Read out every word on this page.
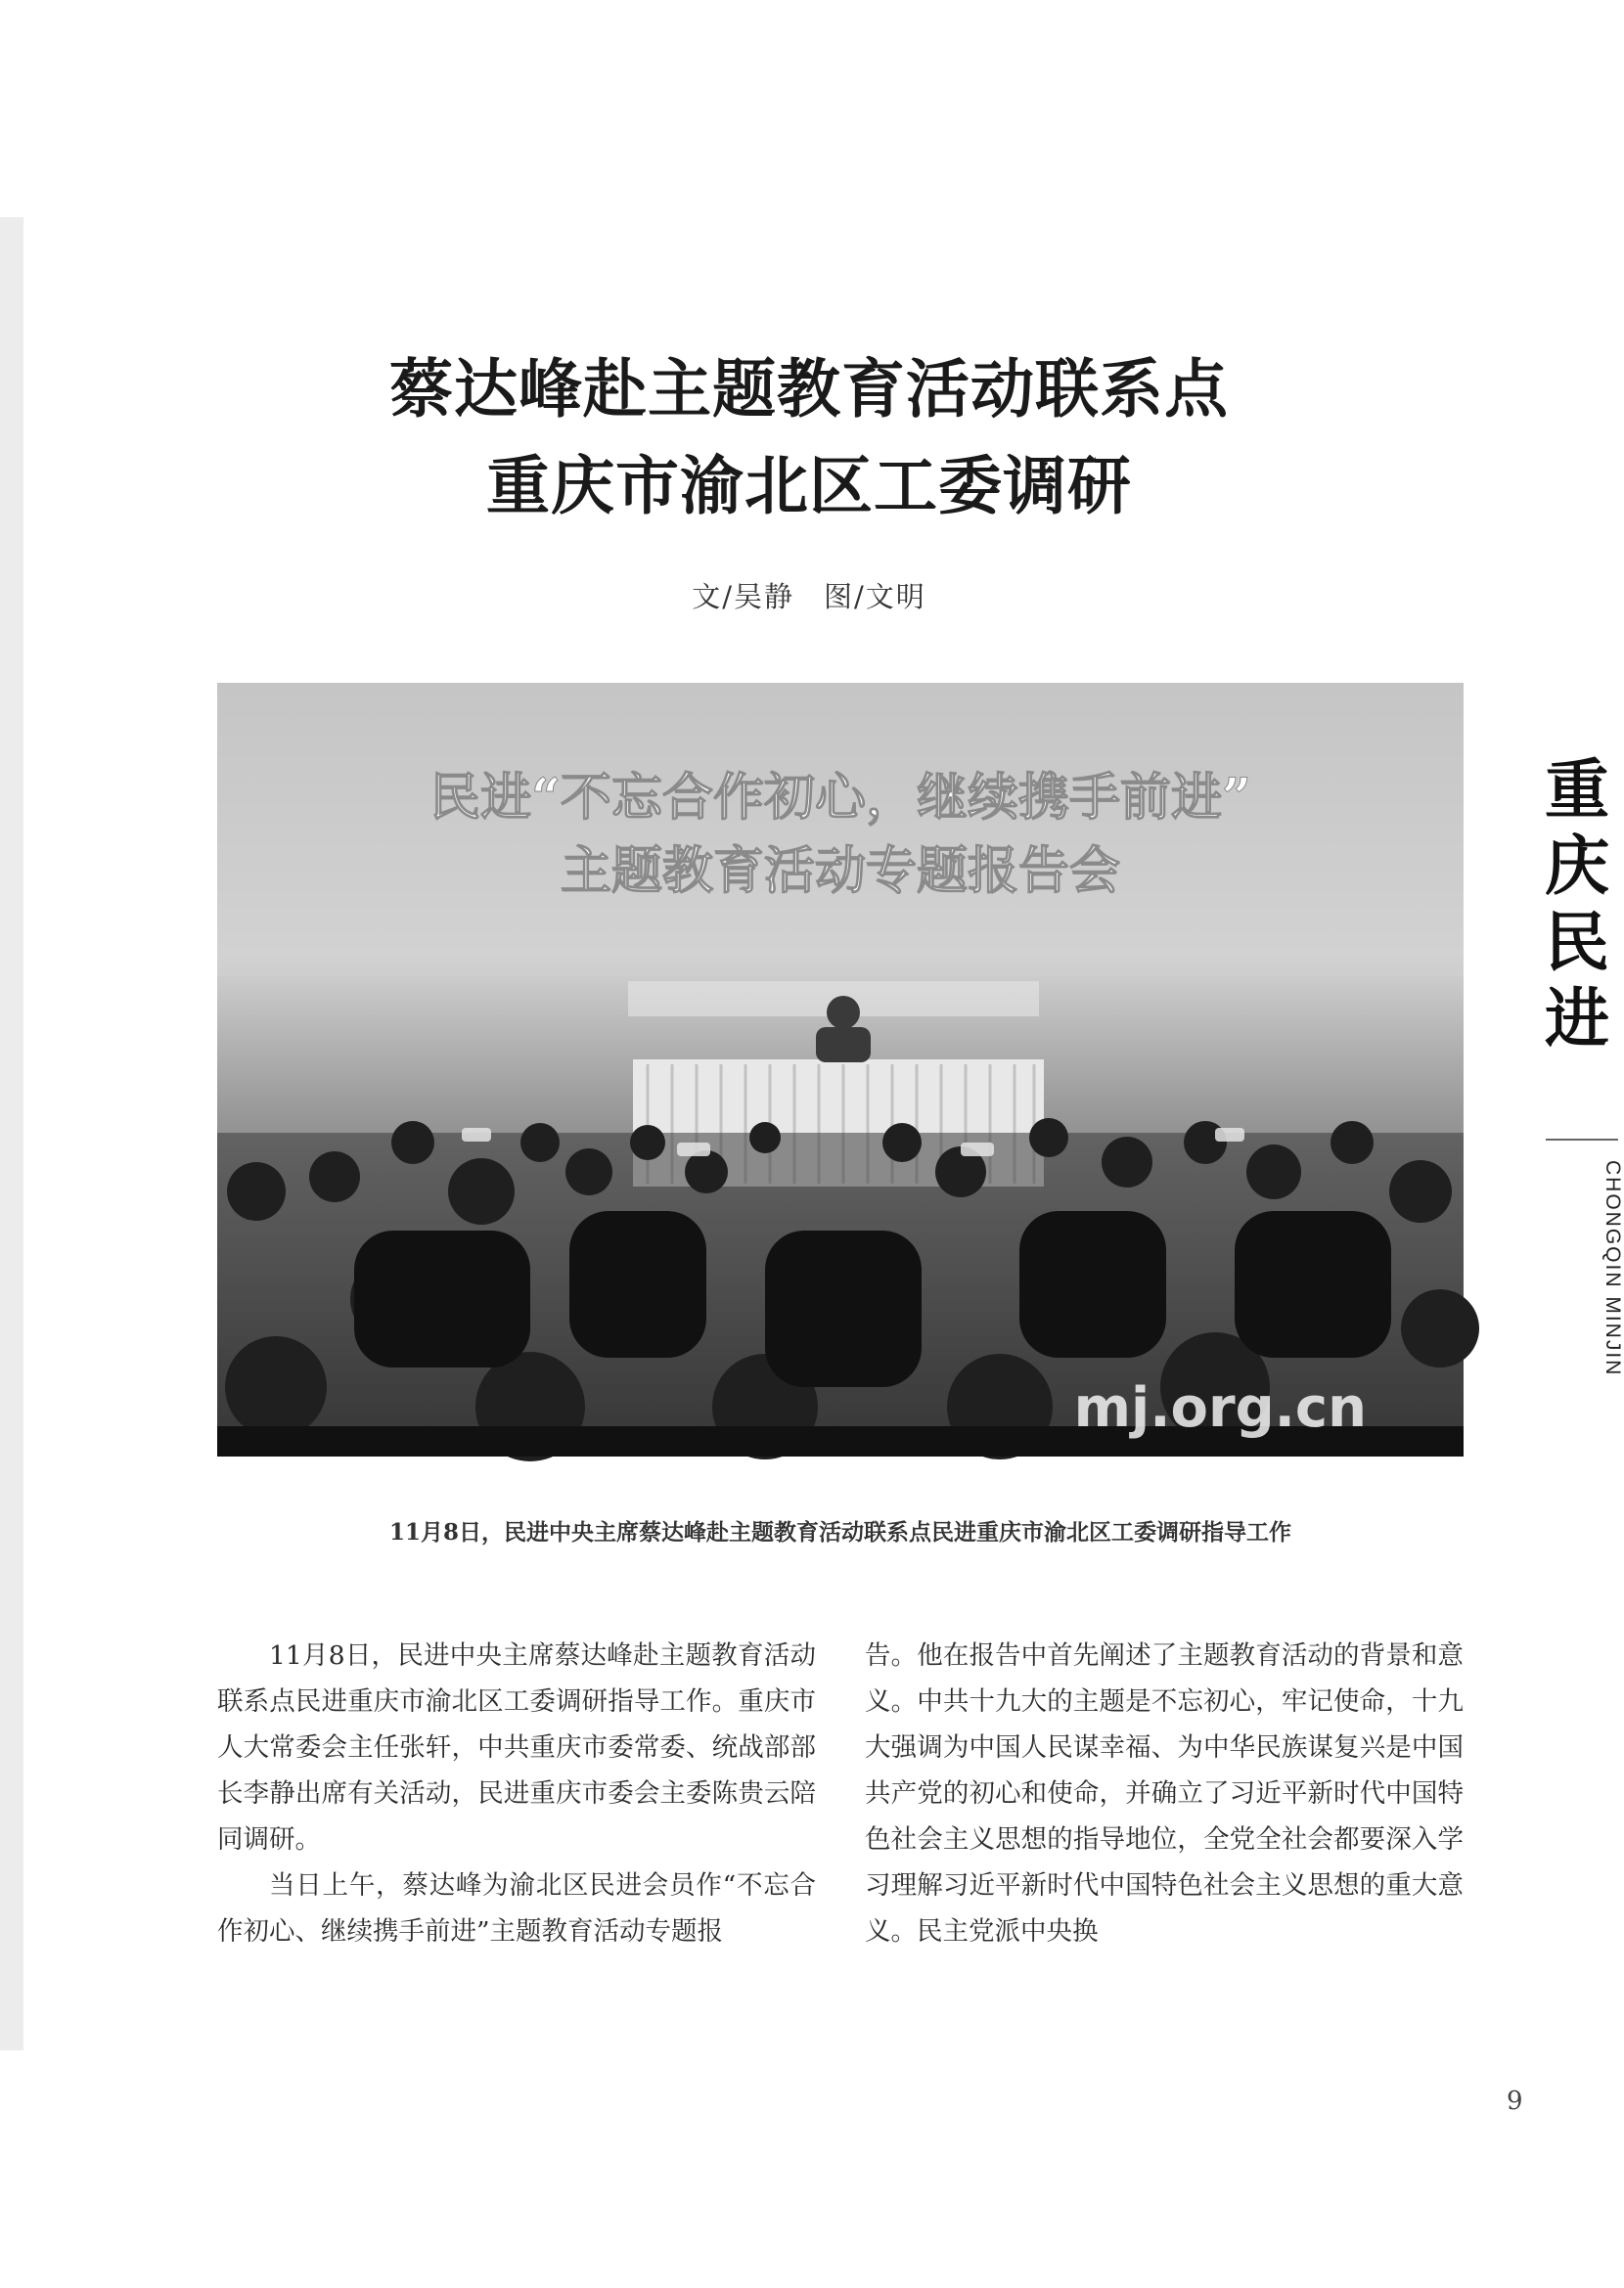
蔡达峰赴主题教育活动联系点
重庆市渝北区工委调研
文/吴静 图/文明
民进“不忘合作初心，继续携手前进”
主题教育活动专题报告会
mj.org.cn
11月8日，民进中央主席蔡达峰赴主题教育活动联系点民进重庆市渝北区工委调研指导工作
重
庆
民
进
CHONGQIN MINJIN

11月8日，民进中央主席蔡达峰赴主题教育活动联系点民进重庆市渝北区工委调研指导工作。重庆市人大常委会主任张轩，中共重庆市委常委、统战部部长李静出席有关活动，民进重庆市委会主委陈贵云陪同调研。

当日上午，蔡达峰为渝北区民进会员作“不忘合作初心、继续携手前进”主题教育活动专题报

告。他在报告中首先阐述了主题教育活动的背景和意义。中共十九大的主题是不忘初心，牢记使命，十九大强调为中国人民谋幸福、为中华民族谋复兴是中国共产党的初心和使命，并确立了习近平新时代中国特色社会主义思想的指导地位，全党全社会都要深入学习理解习近平新时代中国特色社会主义思想的重大意义。民主党派中央换

9
